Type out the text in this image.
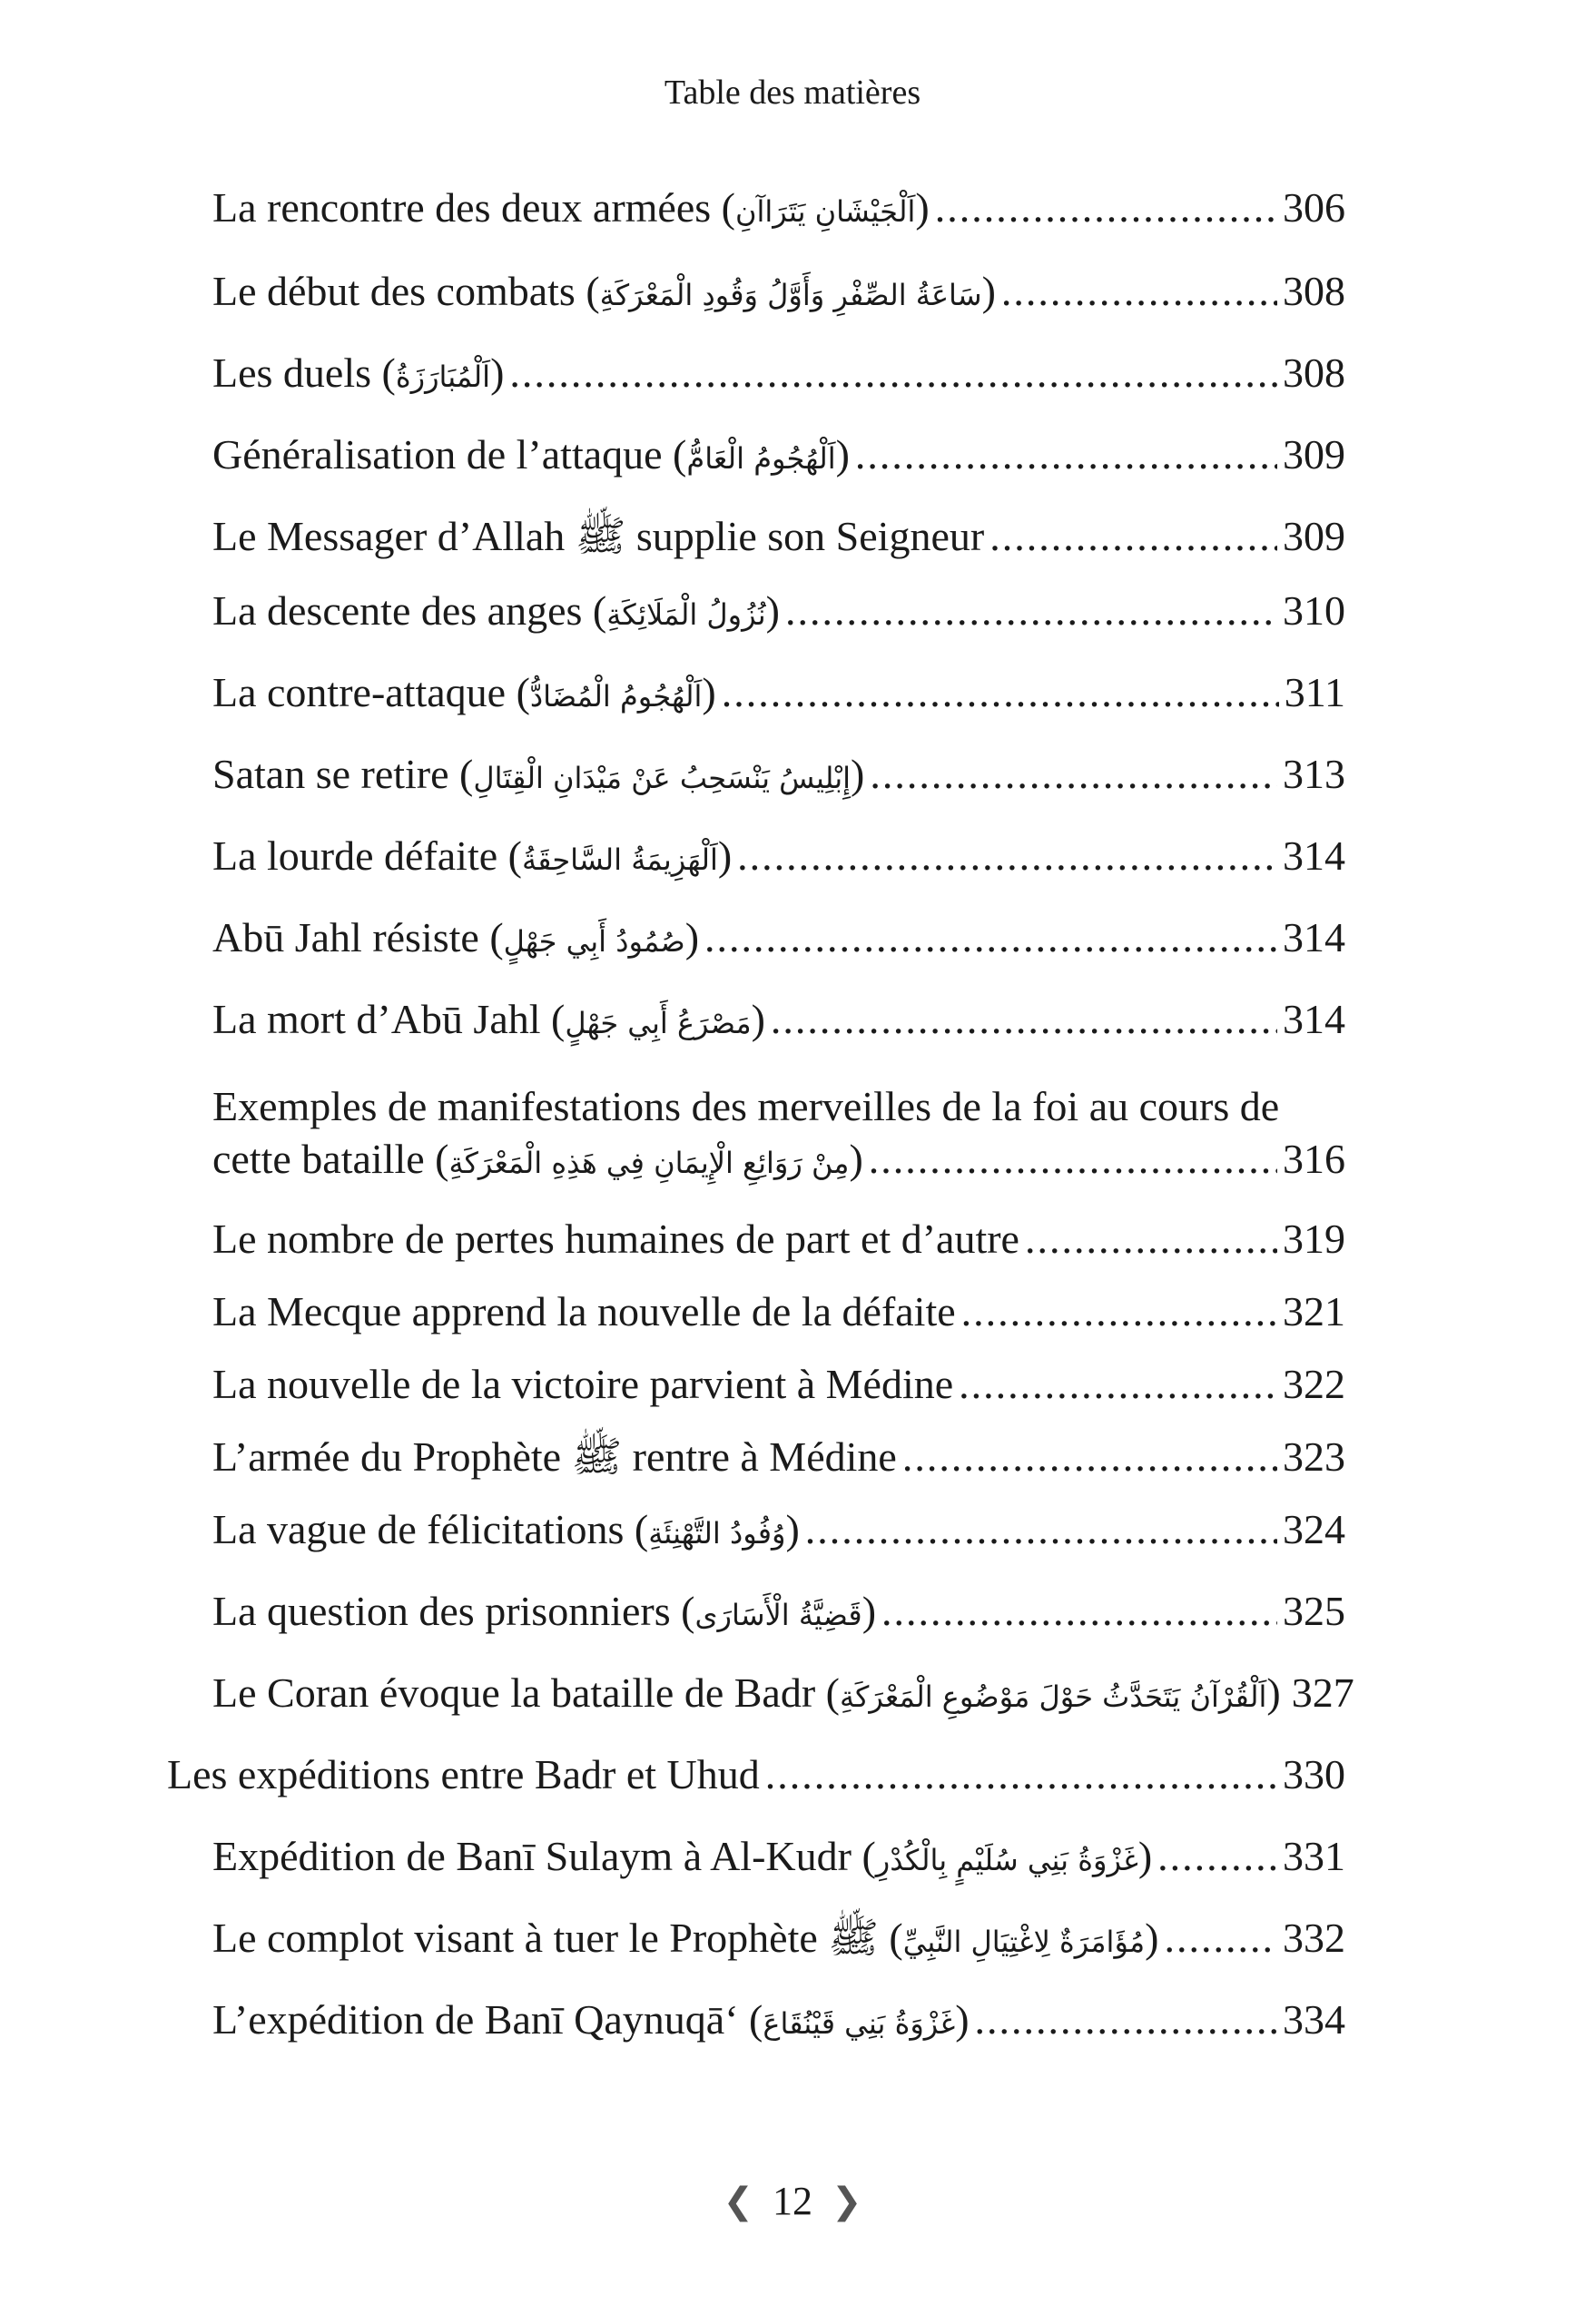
Table des matières
La rencontre des deux armées (اَلْجَيْشَانِ يَتَرَاآنِ) .....	306
Le début des combats (سَاعَةُ الصِّفْرِ وَأَوَّلُ وَقُودِ الْمَعْرَكَةِ) .....	308
Les duels (اَلْمُبَارَزَةُ) .....	308
Généralisation de l’attaque (اَلْهُجُومُ الْعَامُّ) .....	309
Le Messager d’Allah ﷺ supplie son Seigneur .....	309
La descente des anges (نُزُولُ الْمَلَائِكَةِ) .....	310
La contre-attaque (اَلْهُجُومُ الْمُضَادُّ) .....	311
Satan se retire (إِبْلِيسُ يَنْسَحِبُ عَنْ مَيْدَانِ الْقِتَالِ) .....	313
La lourde défaite (اَلْهَزِيمَةُ السَّاحِقَةُ) .....	314
Abū Jahl résiste (صُمُودُ أَبِي جَهْلٍ) .....	314
La mort d’Abū Jahl (مَصْرَعُ أَبِي جَهْلٍ) .....	314
Exemples de manifestations des merveilles de la foi au cours de
cette bataille (مِنْ رَوَائِعِ الْإِيمَانِ فِي هَذِهِ الْمَعْرَكَةِ) .....	316
Le nombre de pertes humaines de part et d’autre .....	319
La Mecque apprend la nouvelle de la défaite .....	321
La nouvelle de la victoire parvient à Médine .....	322
L’armée du Prophète ﷺ rentre à Médine .....	323
La vague de félicitations (وُفُودُ التَّهْنِئَةِ) .....	324
La question des prisonniers (قَضِيَّةُ الْأَسَارَى) .....	325
Le Coran évoque la bataille de Badr (اَلْقُرْآنُ يَتَحَدَّثُ حَوْلَ مَوْضُوعِ الْمَعْرَكَةِ) 327
Les expéditions entre Badr et Uhud .....	330
Expédition de Banī Sulaym à Al-Kudr (غَزْوَةُ بَنِي سُلَيْمٍ بِالْكُدْرِ) .....	331
Le complot visant à tuer le Prophète ﷺ (مُؤَامَرَةٌ لِاغْتِيَالِ النَّبِيِّ) .....	332
L’expédition de Banī Qaynuqā‘ (غَزْوَةُ بَنِي قَيْنُقَاعَ) .....	334
❮ 12 ❯
